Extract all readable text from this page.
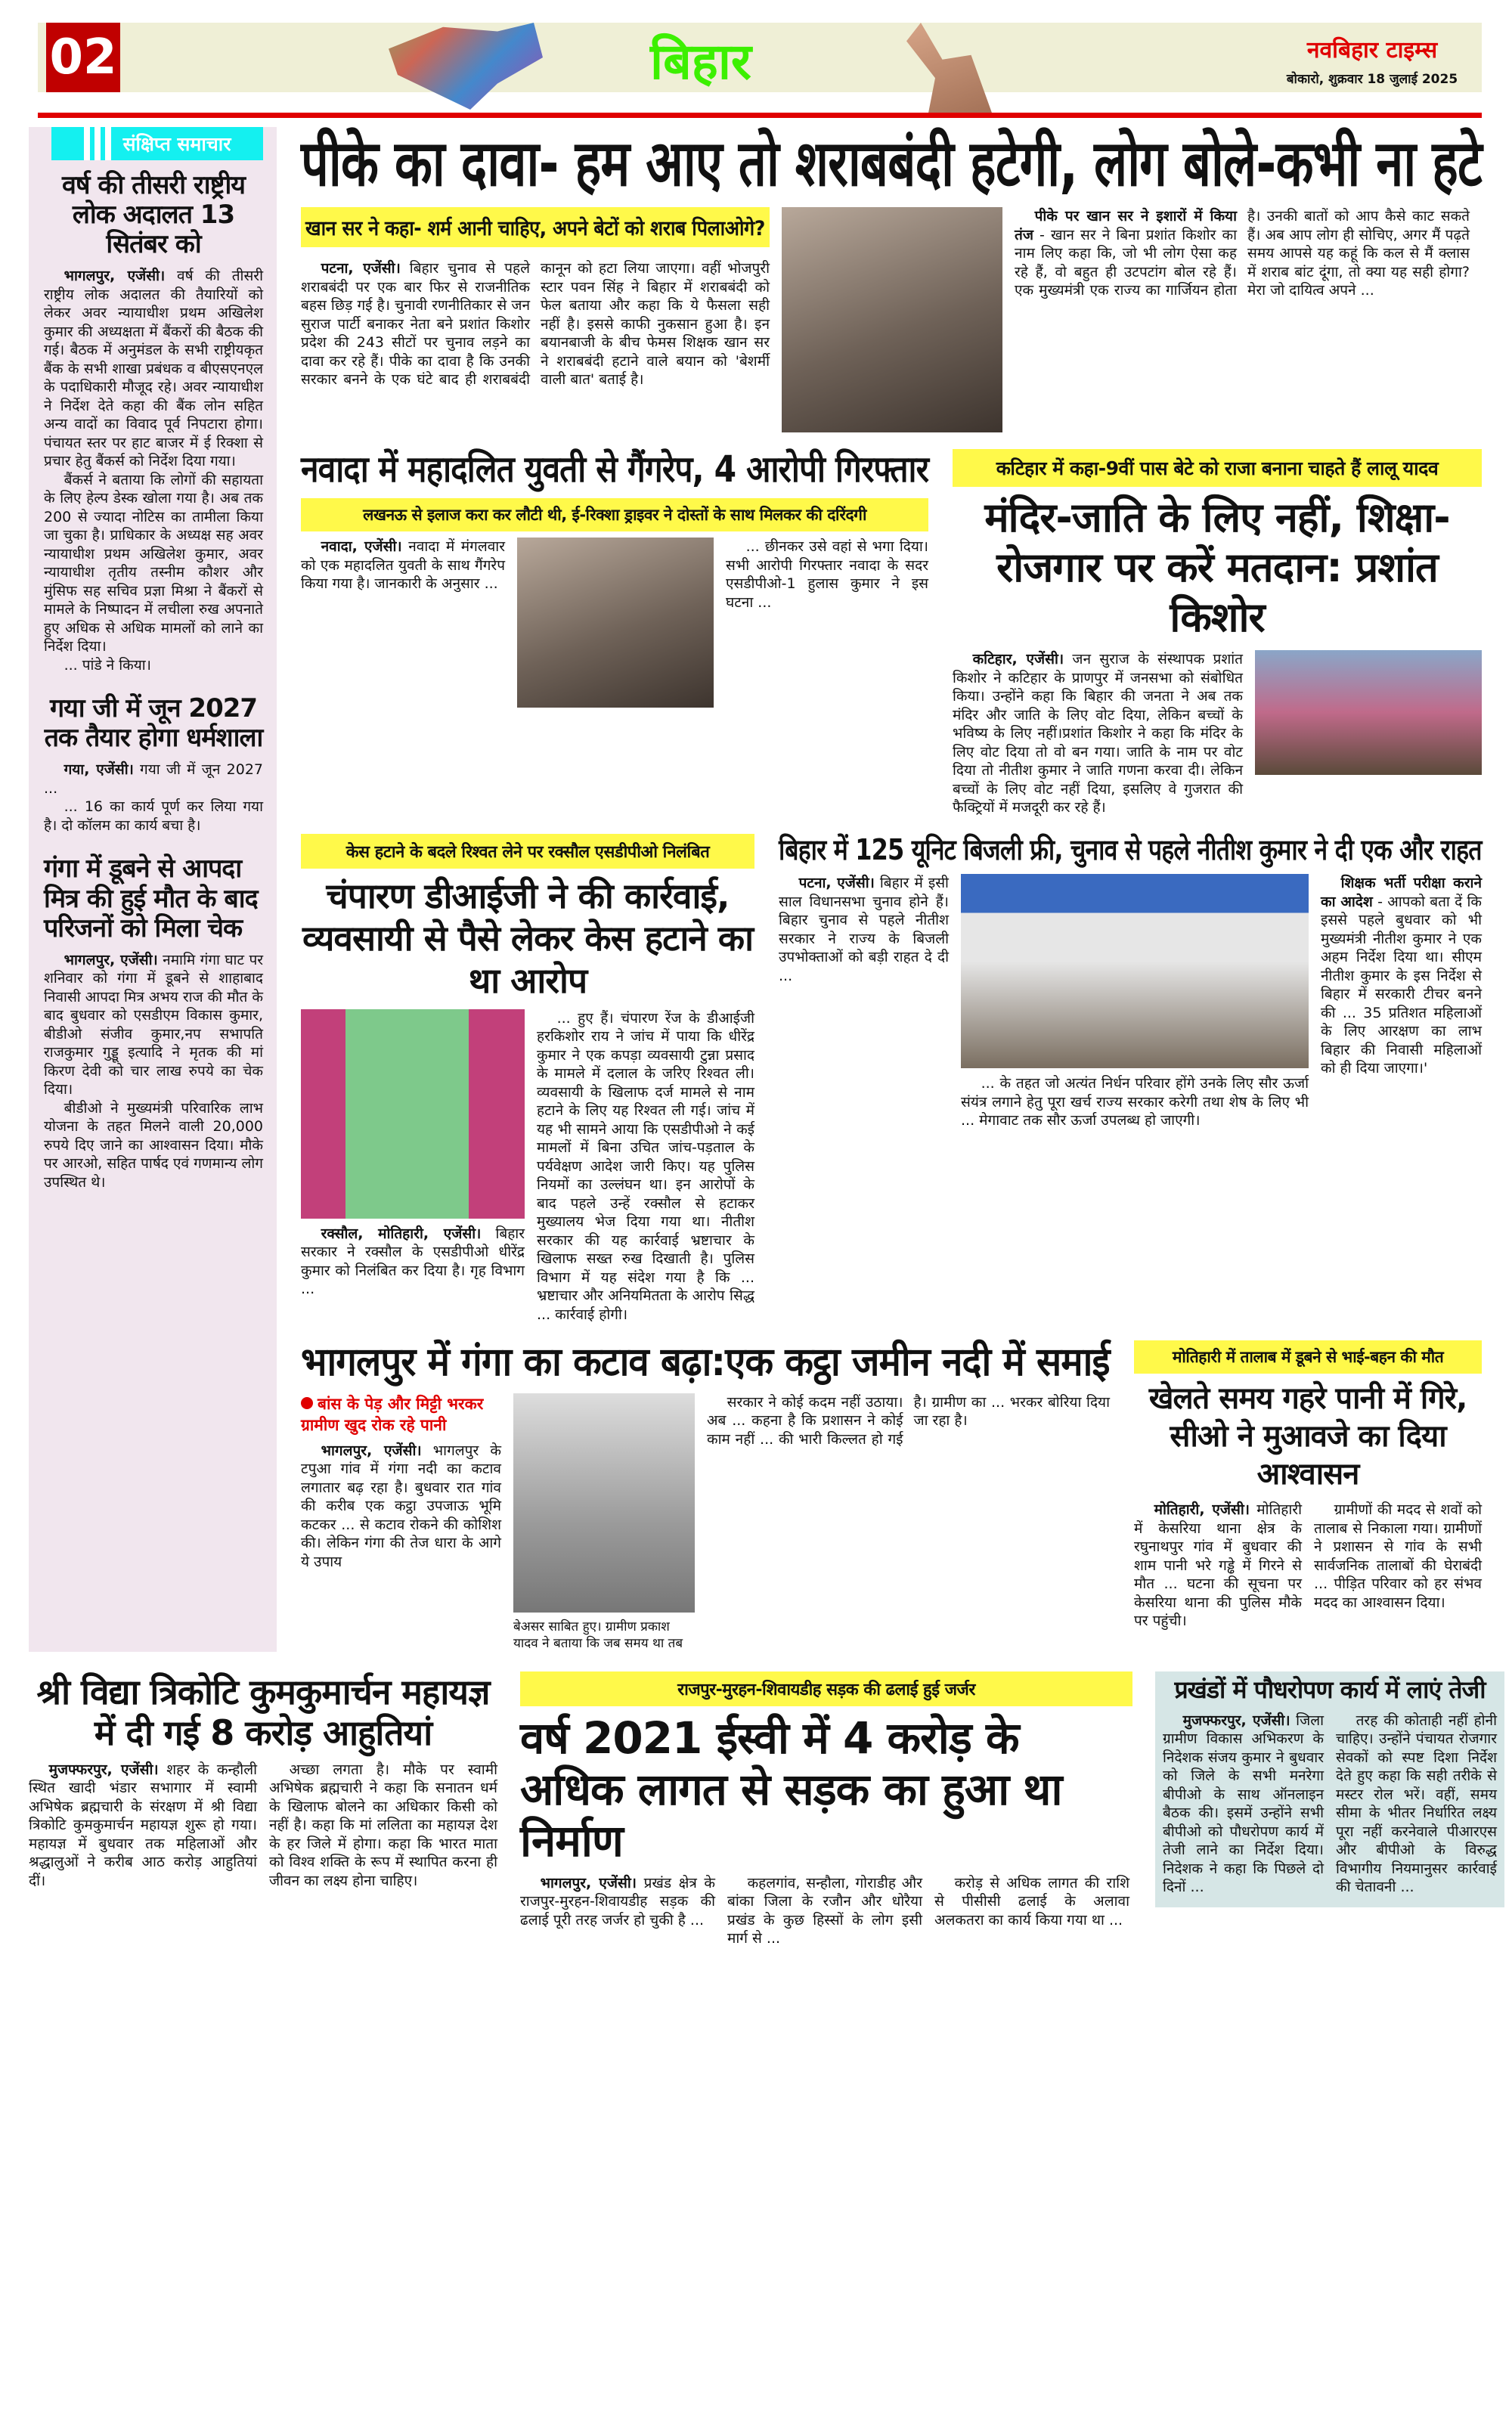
02	बिहार	नवबिहार टाइम्स
बोकारो, शुक्रवार 18 जुलाई 2025
संक्षिप्त समाचार
वर्ष की तीसरी राष्ट्रीय लोक अदालत 13 सितंबर को

भागलपुर, एजेंसी। वर्ष की तीसरी राष्ट्रीय लोक अदालत की तैयारियों को लेकर अवर न्यायाधीश प्रथम अखिलेश कुमार की अध्यक्षता में बैंकरों की बैठक की गई। बैठक में अनुमंडल के सभी राष्ट्रीयकृत बैंक के सभी शाखा प्रबंधक व बीएसएनएल के पदाधिकारी मौजूद रहे। अवर न्यायाधीश ने निर्देश देते कहा की बैंक लोन सहित अन्य वादों का विवाद पूर्व निपटारा होगा। पंचायत स्तर पर हाट बाजर में ई रिक्शा से प्रचार हेतु बैंकर्स को निर्देश दिया गया।

बैंकर्स ने बताया कि लोगों की सहायता के लिए हेल्प डेस्क खोला गया है। अब तक 200 से ज्यादा नोटिस का तामीला किया जा चुका है। प्राधिकार के अध्यक्ष सह अवर न्यायाधीश प्रथम अखिलेश कुमार, अवर न्यायाधीश तृतीय तस्नीम कौशर और मुंसिफ सह सचिव प्रज्ञा मिश्रा ने बैंकरों से मामले के निष्पादन में लचीला रुख अपनाते हुए अधिक से अधिक मामलों को लाने का निर्देश दिया।

... पांडे ने किया।

गया जी में जून 2027 तक तैयार होगा धर्मशाला

गया, एजेंसी। गया जी में जून 2027 ...

... 16 का कार्य पूर्ण कर लिया गया है। दो कॉलम का कार्य बचा है।

गंगा में डूबने से आपदा मित्र की हुई मौत के बाद परिजनों को मिला चेक

भागलपुर, एजेंसी। नमामि गंगा घाट पर शनिवार को गंगा में डूबने से शाहाबाद निवासी आपदा मित्र अभय राज की मौत के बाद बुधवार को एसडीएम विकास कुमार, बीडीओ संजीव कुमार,नप सभापति राजकुमार गुड्डू इत्यादि ने मृतक की मां किरण देवी को चार लाख रुपये का चेक दिया।

बीडीओ ने मुख्यमंत्री परिवारिक लाभ योजना के तहत मिलने वाली 20,000 रुपये दिए जाने का आश्वासन दिया। मौके पर आरओ, सहित पार्षद एवं गणमान्य लोग उपस्थित थे।

पीके का दावा- हम आए तो शराबबंदी हटेगी, लोग बोले-कभी ना हटे
खान सर ने कहा- शर्म आनी चाहिए, अपने बेटों को शराब पिलाओगे?

पटना, एजेंसी। बिहार चुनाव से पहले शराबबंदी पर एक बार फिर से राजनीतिक बहस छिड़ गई है। चुनावी रणनीतिकार से जन सुराज पार्टी बनाकर नेता बने प्रशांत किशोर प्रदेश की 243 सीटों पर चुनाव लड़ने का दावा कर रहे हैं। पीके का दावा है कि उनकी सरकार बनने के एक घंटे बाद ही शराबबंदी कानून को हटा लिया जाएगा। वहीं भोजपुरी स्टार पवन सिंह ने बिहार में शराबबंदी को फेल बताया और कहा कि ये फैसला सही नहीं है। इससे काफी नुकसान हुआ है। इन बयानबाजी के बीच फेमस शिक्षक खान सर ने शराबबंदी हटाने वाले बयान को 'बेशर्मी वाली बात' बताई है।

पीके पर खान सर ने इशारों में किया तंज - खान सर ने बिना प्रशांत किशोर का नाम लिए कहा कि, जो भी लोग ऐसा कह रहे हैं, वो बहुत ही उटपटांग बोल रहे हैं। एक मुख्यमंत्री एक राज्य का गार्जियन होता है। उनकी बातों को आप कैसे काट सकते हैं। अब आप लोग ही सोचिए, अगर मैं पढ़ते समय आपसे यह कहूं कि कल से मैं क्लास में शराब बांट दूंगा, तो क्या यह सही होगा? मेरा जो दायित्व अपने ...

नवादा में महादलित युवती से गैंगरेप, 4 आरोपी गिरफ्तार
लखनऊ से इलाज करा कर लौटी थी, ई-रिक्शा ड्राइवर ने दोस्तों के साथ मिलकर की दरिंदगी

नवादा, एजेंसी। नवादा में मंगलवार को एक महादलित युवती के साथ गैंगरेप किया गया है। जानकारी के अनुसार ...

... छीनकर उसे वहां से भगा दिया। सभी आरोपी गिरफ्तार नवादा के सदर एसडीपीओ-1 हुलास कुमार ने इस घटना ...

कटिहार में कहा-9वीं पास बेटे को राजा बनाना चाहते हैं लालू यादव
मंदिर-जाति के लिए नहीं, शिक्षा-रोजगार पर करें मतदान: प्रशांत किशोर

कटिहार, एजेंसी। जन सुराज के संस्थापक प्रशांत किशोर ने कटिहार के प्राणपुर में जनसभा को संबोधित किया। उन्होंने कहा कि बिहार की जनता ने अब तक मंदिर और जाति के लिए वोट दिया, लेकिन बच्चों के भविष्य के लिए नहीं।प्रशांत किशोर ने कहा कि मंदिर के लिए वोट दिया तो वो बन गया। जाति के नाम पर वोट दिया तो नीतीश कुमार ने जाति गणना करवा दी। लेकिन बच्चों के लिए वोट नहीं दिया, इसलिए वे गुजरात की फैक्ट्रियों में मजदूरी कर रहे हैं।

केस हटाने के बदले रिश्वत लेने पर रक्सौल एसडीपीओ निलंबित
चंपारण डीआईजी ने की कार्रवाई, व्यवसायी से पैसे लेकर केस हटाने का था आरोप

रक्सौल, मोतिहारी, एजेंसी। बिहार सरकार ने रक्सौल के एसडीपीओ धीरेंद्र कुमार को निलंबित कर दिया है। गृह विभाग ...

... हुए हैं। चंपारण रेंज के डीआईजी हरकिशोर राय ने जांच में पाया कि धीरेंद्र कुमार ने एक कपड़ा व्यवसायी टुन्ना प्रसाद के मामले में दलाल के जरिए रिश्वत ली। व्यवसायी के खिलाफ दर्ज मामले से नाम हटाने के लिए यह रिश्वत ली गई। जांच में यह भी सामने आया कि एसडीपीओ ने कई मामलों में बिना उचित जांच-पड़ताल के पर्यवेक्षण आदेश जारी किए। यह पुलिस नियमों का उल्लंघन था। इन आरोपों के बाद पहले उन्हें रक्सौल से हटाकर मुख्यालय भेज दिया गया था। नीतीश सरकार की यह कार्रवाई भ्रष्टाचार के खिलाफ सख्त रुख दिखाती है। पुलिस विभाग में यह संदेश गया है कि ... भ्रष्टाचार और अनियमितता के आरोप सिद्ध ... कार्रवाई होगी।

बिहार में 125 यूनिट बिजली फ्री, चुनाव से पहले नीतीश कुमार ने दी एक और राहत

पटना, एजेंसी। बिहार में इसी साल विधानसभा चुनाव होने हैं। बिहार चुनाव से पहले नीतीश सरकार ने राज्य के बिजली उपभोक्ताओं को बड़ी राहत दे दी ...

... के तहत जो अत्यंत निर्धन परिवार होंगे उनके लिए सौर ऊर्जा संयंत्र लगाने हेतु पूरा खर्च राज्य सरकार करेगी तथा शेष के लिए भी ... मेगावाट तक सौर ऊर्जा उपलब्ध हो जाएगी।

शिक्षक भर्ती परीक्षा कराने का आदेश - आपको बता दें कि इससे पहले बुधवार को भी मुख्यमंत्री नीतीश कुमार ने एक अहम निर्देश दिया था। सीएम नीतीश कुमार के इस निर्देश से बिहार में सरकारी टीचर बनने की ... 35 प्रतिशत महिलाओं के लिए आरक्षण का लाभ बिहार की निवासी महिलाओं को ही दिया जाएगा।'

भागलपुर में गंगा का कटाव बढ़ा:एक कट्ठा जमीन नदी में समाई
बांस के पेड़ और मिट्टी भरकर ग्रामीण खुद रोक रहे पानी

भागलपुर, एजेंसी। भागलपुर के टपुआ गांव में गंगा नदी का कटाव लगातार बढ़ रहा है। बुधवार रात गांव की करीब एक कट्ठा उपजाऊ भूमि कटकर ... से कटाव रोकने की कोशिश की। लेकिन गंगा की तेज धारा के आगे ये उपाय

बेअसर साबित हुए। ग्रामीण प्रकाश यादव ने बताया कि जब समय था तब

सरकार ने कोई कदम नहीं उठाया। अब ... कहना है कि प्रशासन ने कोई काम नहीं ... की भारी किल्लत हो गई है। ग्रामीण का ... भरकर बोरिया दिया जा रहा है।

मोतिहारी में तालाब में डूबने से भाई-बहन की मौत
खेलते समय गहरे पानी में गिरे, सीओ ने मुआवजे का दिया आश्वासन

मोतिहारी, एजेंसी। मोतिहारी में केसरिया थाना क्षेत्र के रघुनाथपुर गांव में बुधवार की शाम पानी भरे गड्ढे में गिरने से मौत ... घटना की सूचना पर केसरिया थाना की पुलिस मौके पर पहुंची।

ग्रामीणों की मदद से शवों को तालाब से निकाला गया। ग्रामीणों ने प्रशासन से गांव के सभी सार्वजनिक तालाबों की घेराबंदी ... पीड़ित परिवार को हर संभव मदद का आश्वासन दिया।

श्री विद्या त्रिकोटि कुमकुमार्चन महायज्ञ में दी गई 8 करोड़ आहुतियां

मुजफ्फरपुर, एजेंसी। शहर के कन्हौली स्थित खादी भंडार सभागार में स्वामी अभिषेक ब्रह्मचारी के संरक्षण में श्री विद्या त्रिकोटि कुमकुमार्चन महायज्ञ शुरू हो गया। महायज्ञ में बुधवार तक महिलाओं और श्रद्धालुओं ने करीब आठ करोड़ आहुतियां दीं।

अच्छा लगता है। मौके पर स्वामी अभिषेक ब्रह्मचारी ने कहा कि सनातन धर्म के खिलाफ बोलने का अधिकार किसी को नहीं है। कहा कि मां ललिता का महायज्ञ देश के हर जिले में होगा। कहा कि भारत माता को विश्व शक्ति के रूप में स्थापित करना ही जीवन का लक्ष्य होना चाहिए।

राजपुर-मुरहन-शिवायडीह सड़क की ढलाई हुई जर्जर
वर्ष 2021 ईस्वी में 4 करोड़ के अधिक लागत से सड़क का हुआ था निर्माण

भागलपुर, एजेंसी। प्रखंड क्षेत्र के राजपुर-मुरहन-शिवायडीह सड़क की ढलाई पूरी तरह जर्जर हो चुकी है ...

कहलगांव, सन्हौला, गोराडीह और बांका जिला के रजौन और धोरैया प्रखंड के कुछ हिस्सों के लोग इसी मार्ग से ...

करोड़ से अधिक लागत की राशि से पीसीसी ढलाई के अलावा अलकतरा का कार्य किया गया था ...

प्रखंडों में पौधरोपण कार्य में लाएं तेजी

मुजफ्फरपुर, एजेंसी। जिला ग्रामीण विकास अभिकरण के निदेशक संजय कुमार ने बुधवार को जिले के सभी मनरेगा बीपीओ के साथ ऑनलाइन बैठक की। इसमें उन्होंने सभी बीपीओ को पौधरोपण कार्य में तेजी लाने का निर्देश दिया। निदेशक ने कहा कि पिछले दो दिनों ...

तरह की कोताही नहीं होनी चाहिए। उन्होंने पंचायत रोजगार सेवकों को स्पष्ट दिशा निर्देश देते हुए कहा कि सही तरीके से मस्टर रोल भरें। वहीं, समय सीमा के भीतर निर्धारित लक्ष्य पूरा नहीं करनेवाले पीआरएस और बीपीओ के विरुद्ध विभागीय नियमानुसर कार्रवाई की चेतावनी ...
